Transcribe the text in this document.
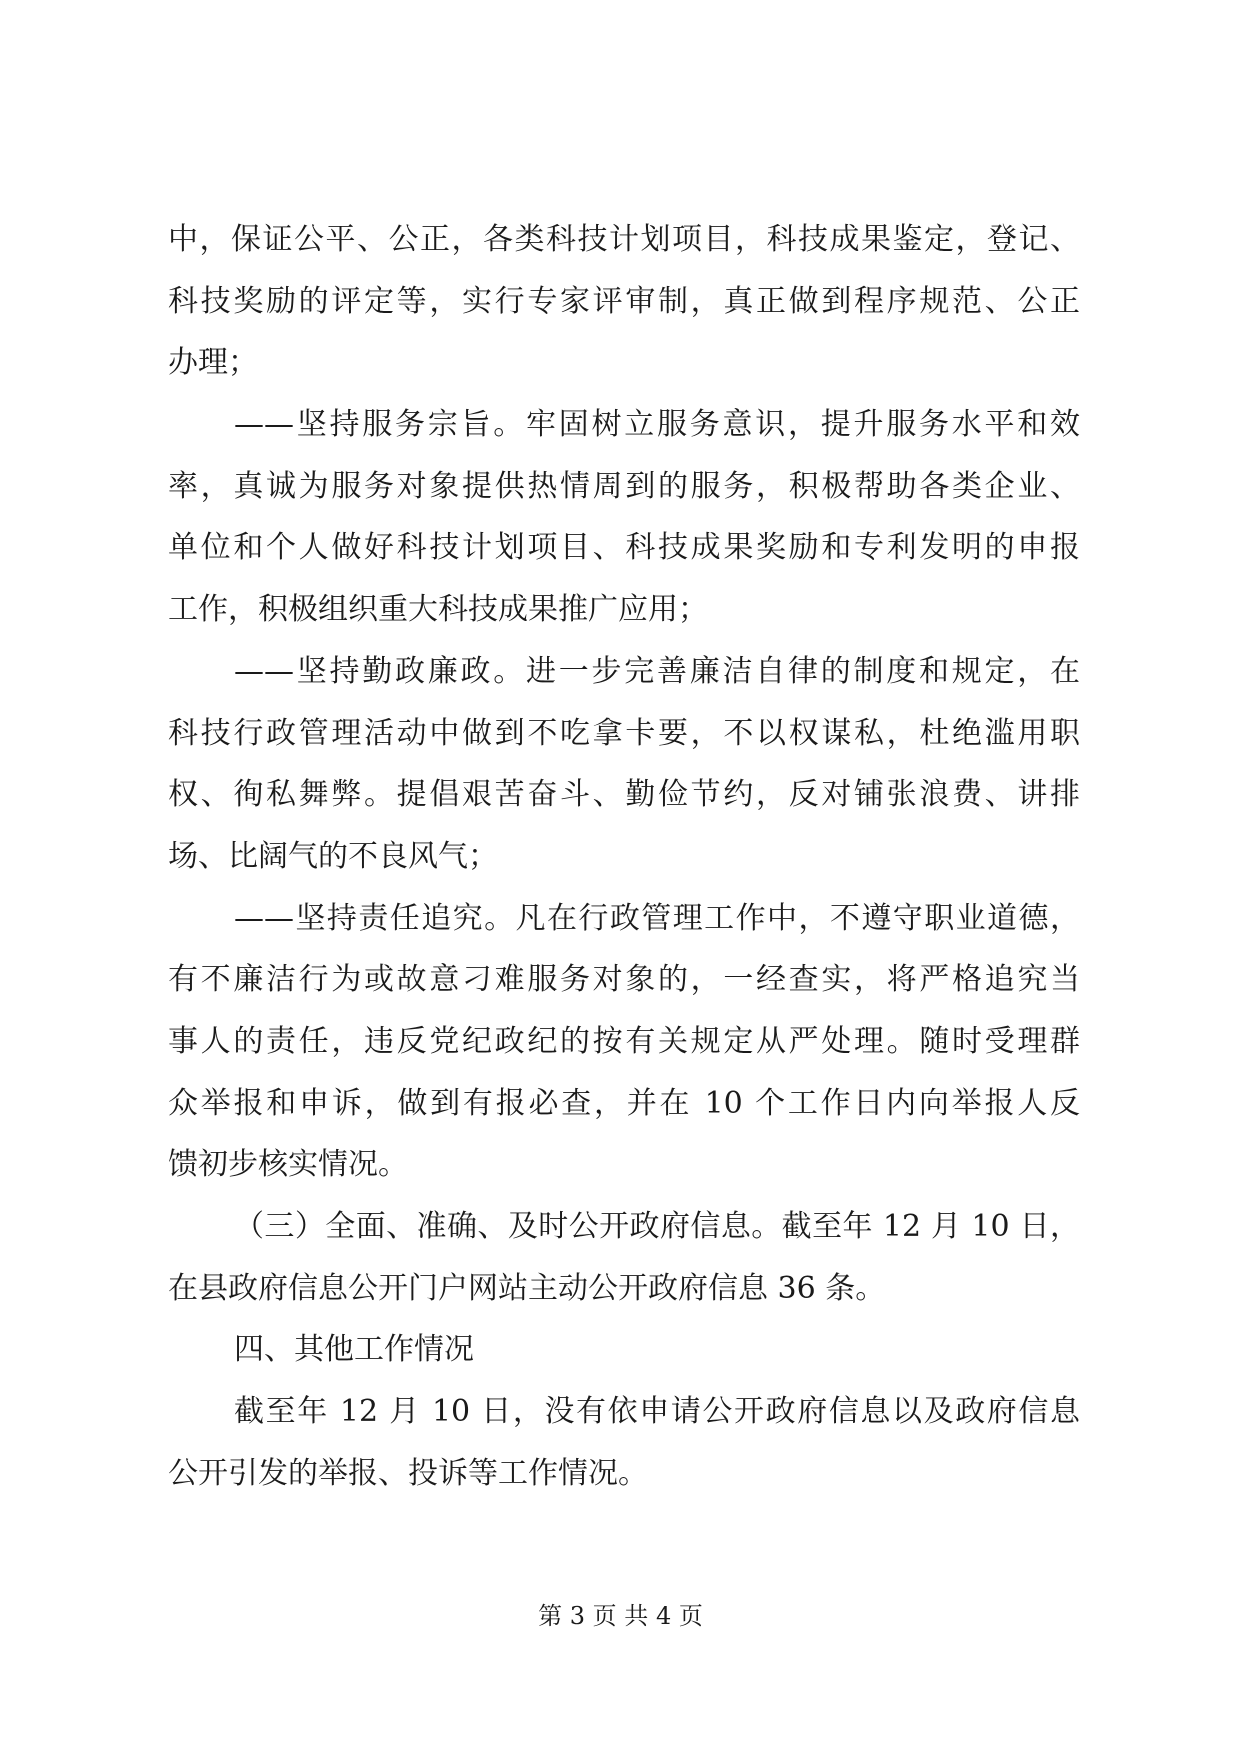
中，保证公平、公正，各类科技计划项目，科技成果鉴定，登记、
科技奖励的评定等，实行专家评审制，真正做到程序规范、公正
办理；
——坚持服务宗旨。牢固树立服务意识，提升服务水平和效
率，真诚为服务对象提供热情周到的服务，积极帮助各类企业、
单位和个人做好科技计划项目、科技成果奖励和专利发明的申报
工作，积极组织重大科技成果推广应用；
——坚持勤政廉政。进一步完善廉洁自律的制度和规定，在
科技行政管理活动中做到不吃拿卡要，不以权谋私，杜绝滥用职
权、徇私舞弊。提倡艰苦奋斗、勤俭节约，反对铺张浪费、讲排
场、比阔气的不良风气；
——坚持责任追究。凡在行政管理工作中，不遵守职业道德，
有不廉洁行为或故意刁难服务对象的，一经查实，将严格追究当
事人的责任，违反党纪政纪的按有关规定从严处理。随时受理群
众举报和申诉，做到有报必查，并在 10 个工作日内向举报人反
馈初步核实情况。
（三）全面、准确、及时公开政府信息。截至年 12 月 10 日，
在县政府信息公开门户网站主动公开政府信息 36 条。
四、其他工作情况
截至年 12 月 10 日，没有依申请公开政府信息以及政府信息
公开引发的举报、投诉等工作情况。
第 3 页 共 4 页
